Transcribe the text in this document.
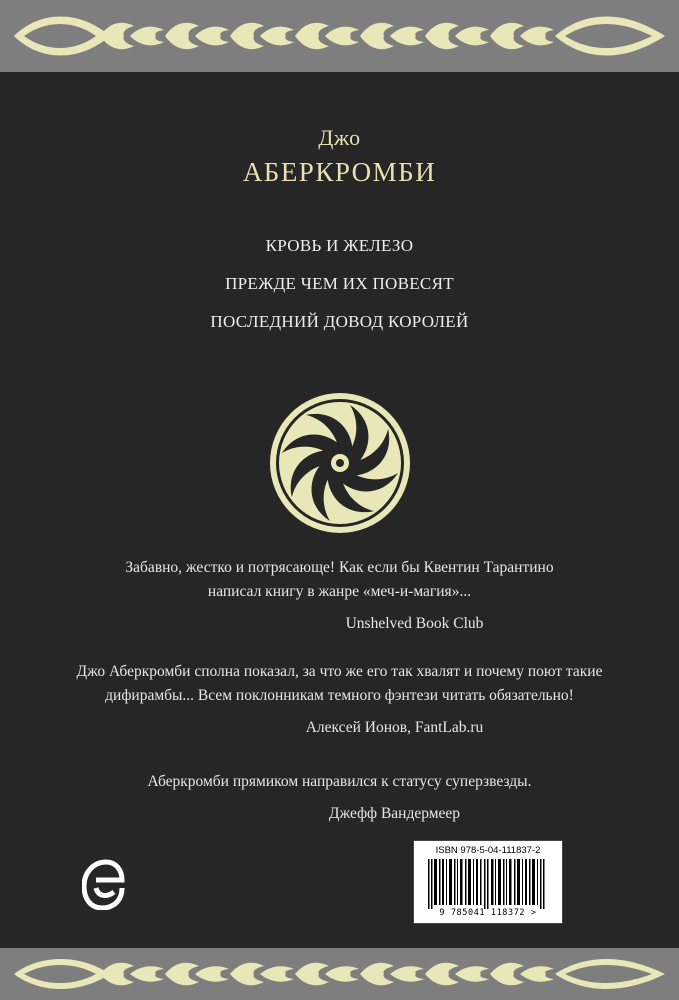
Джо
АБЕРКРОМБИ
КРОВЬ И ЖЕЛЕЗО
ПРЕЖДЕ ЧЕМ ИХ ПОВЕСЯТ
ПОСЛЕДНИЙ ДОВОД КОРОЛЕЙ
Забавно, жестко и потрясающе! Как если бы Квентин Тарантино
написал книгу в жанре «меч-и-магия»...
Unshelved Book Club
Джо Аберкромби сполна показал, за что же его так хвалят и почему поют такие
дифирамбы... Всем поклонникам темного фэнтези читать обязательно!
Алексей Ионов, FantLab.ru
Аберкромби прямиком направился к статусу суперзвезды.
Джефф Вандермеер
ISBN 978-5-04-111837-2
9 785041 118372 >
